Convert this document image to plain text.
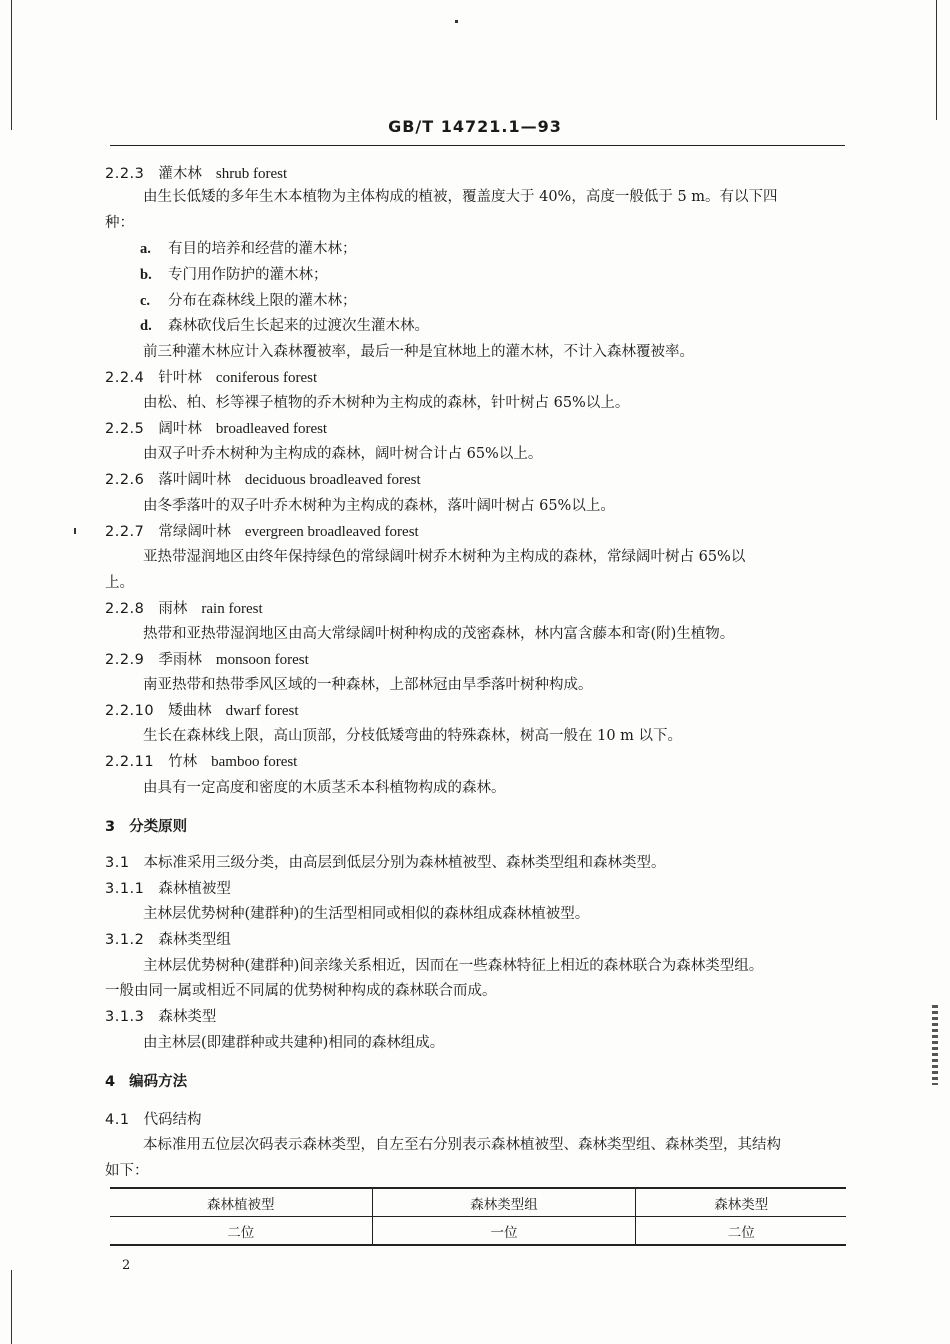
GB/T 14721.1—93
2.2.3 灌木林 shrub forest
由生长低矮的多年生木本植物为主体构成的植被，覆盖度大于 40%，高度一般低于 5 m。有以下四
种：
a. 有目的培养和经营的灌木林；
b. 专门用作防护的灌木林；
c. 分布在森林线上限的灌木林；
d. 森林砍伐后生长起来的过渡次生灌木林。
前三种灌木林应计入森林覆被率，最后一种是宜林地上的灌木林，不计入森林覆被率。
2.2.4 针叶林 coniferous forest
由松、柏、杉等裸子植物的乔木树种为主构成的森林，针叶树占 65%以上。
2.2.5 阔叶林 broadleaved forest
由双子叶乔木树种为主构成的森林，阔叶树合计占 65%以上。
2.2.6 落叶阔叶林 deciduous broadleaved forest
由冬季落叶的双子叶乔木树种为主构成的森林，落叶阔叶树占 65%以上。
2.2.7 常绿阔叶林 evergreen broadleaved forest
亚热带湿润地区由终年保持绿色的常绿阔叶树乔木树种为主构成的森林，常绿阔叶树占 65%以
上。
2.2.8 雨林 rain forest
热带和亚热带湿润地区由高大常绿阔叶树种构成的茂密森林，林内富含藤本和寄(附)生植物。
2.2.9 季雨林 monsoon forest
南亚热带和热带季风区域的一种森林，上部林冠由旱季落叶树种构成。
2.2.10 矮曲林 dwarf forest
生长在森林线上限，高山顶部，分枝低矮弯曲的特殊森林，树高一般在 10 m 以下。
2.2.11 竹林 bamboo forest
由具有一定高度和密度的木质茎禾本科植物构成的森林。
3 分类原则
3.1 本标准采用三级分类，由高层到低层分别为森林植被型、森林类型组和森林类型。
3.1.1 森林植被型
主林层优势树种(建群种)的生活型相同或相似的森林组成森林植被型。
3.1.2 森林类型组
主林层优势树种(建群种)间亲缘关系相近，因而在一些森林特征上相近的森林联合为森林类型组。
一般由同一属或相近不同属的优势树种构成的森林联合而成。
3.1.3 森林类型
由主林层(即建群种或共建种)相同的森林组成。
4 编码方法
4.1 代码结构
本标准用五位层次码表示森林类型，自左至右分别表示森林植被型、森林类型组、森林类型，其结构
如下：
森林植被型	森林类型组	森林类型
二位	一位	二位
2
